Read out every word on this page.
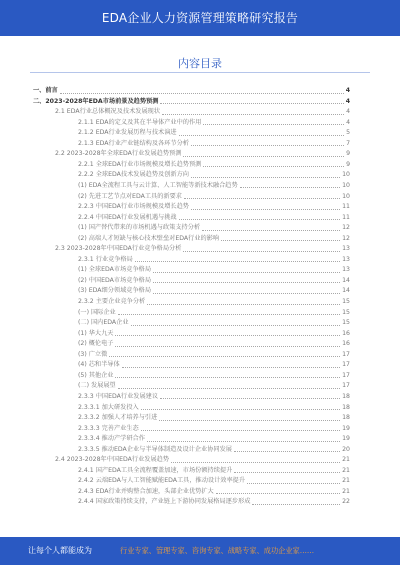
EDA企业人力资源管理策略研究报告
内容目录
一、前言	4
二、2023-2028年EDA市场前景及趋势预测	4
2.1 EDA行业总体概况及技术发展现状	4
2.1.1 EDA的定义及其在半导体产业中的作用	4
2.1.2 EDA行业发展历程与技术演进	5
2.1.3 EDA行业产业链结构及各环节分析	7
2.2 2023-2028年全球EDA行业发展趋势预测	9
2.2.1 全球EDA行业市场规模及增长趋势预测	9
2.2.2 全球EDA技术发展趋势及创新方向	10
(1) EDA全流程工具与云计算、人工智能等新技术融合趋势	10
(2) 先进工艺节点对EDA工具的新要求	10
2.2.3 中国EDA行业市场规模及增长趋势	11
2.2.4 中国EDA行业发展机遇与挑战	11
(1) 国产替代带来的市场机遇与政策支持分析	12
(2) 高端人才短缺与核心技术壁垒对EDA行业的影响	12
2.3 2023-2028年中国EDA行业竞争格局分析	13
2.3.1 行业竞争格局	13
(1) 全球EDA市场竞争格局	13
(2) 中国EDA市场竞争格局	14
(3) EDA细分领域竞争格局	14
2.3.2 主要企业竞争分析	15
(一) 国际企业	15
(二) 国内EDA企业	15
(1) 华大九天	16
(2) 概伦电子	16
(3) 广立微	17
(4) 芯和半导体	17
(5) 其他企业	17
(二) 发展展望	17
2.3.3 中国EDA行业发展建议	18
2.3.3.1 加大研发投入	18
2.3.3.2 加强人才培养与引进	18
2.3.3.3 完善产业生态	19
2.3.3.4 推动产学研合作	19
2.3.3.5 推动EDA企业与半导体制造及设计企业协同发展	20
2.4 2023-2028年中国EDA行业发展趋势	21
2.4.1 国产EDA工具全流程覆盖加速，市场份额持续提升	21
2.4.2 云端EDA与人工智能赋能EDA工具，推动设计效率提升	21
2.4.3 EDA行业并购整合加速，头部企业优势扩大	21
2.4.4 国家政策持续支持，产业链上下游协同发展格局逐步形成	22
让每个人都能成为	行业专家、管理专家、咨询专家、战略专家、成功企业家……
